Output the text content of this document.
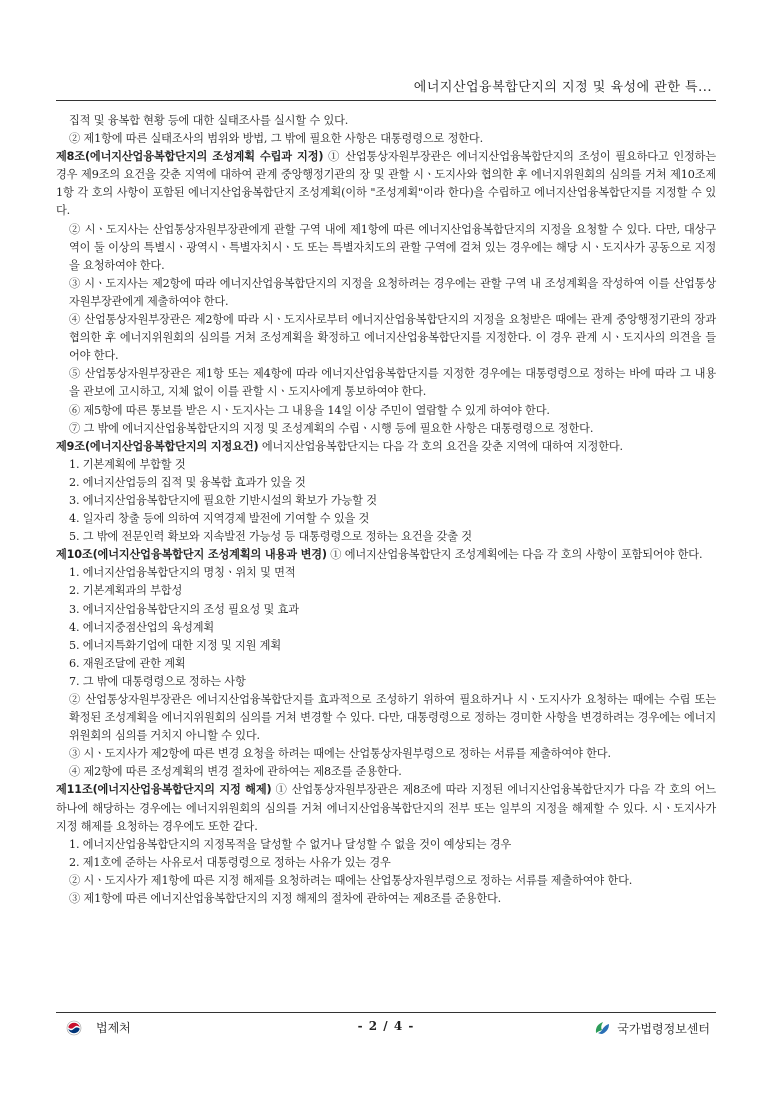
에너지산업융복합단지의 지정 및 육성에 관한 특...

집적 및 융복합 현황 등에 대한 실태조사를 실시할 수 있다.

② 제1항에 따른 실태조사의 범위와 방법, 그 밖에 필요한 사항은 대통령령으로 정한다.

제8조(에너지산업융복합단지의 조성계획 수립과 지정) ① 산업통상자원부장관은 에너지산업융복합단지의 조성이 필요하다고 인정하는 경우 제9조의 요건을 갖춘 지역에 대하여 관계 중앙행정기관의 장 및 관할 시ㆍ도지사와 협의한 후 에너지위원회의 심의를 거쳐 제10조제1항 각 호의 사항이 포함된 에너지산업융복합단지 조성계획(이하 "조성계획"이라 한다)을 수립하고 에너지산업융복합단지를 지정할 수 있다.

② 시ㆍ도지사는 산업통상자원부장관에게 관할 구역 내에 제1항에 따른 에너지산업융복합단지의 지정을 요청할 수 있다. 다만, 대상구역이 둘 이상의 특별시ㆍ광역시ㆍ특별자치시ㆍ도 또는 특별자치도의 관할 구역에 걸쳐 있는 경우에는 해당 시ㆍ도지사가 공동으로 지정을 요청하여야 한다.

③ 시ㆍ도지사는 제2항에 따라 에너지산업융복합단지의 지정을 요청하려는 경우에는 관할 구역 내 조성계획을 작성하여 이를 산업통상자원부장관에게 제출하여야 한다.

④ 산업통상자원부장관은 제2항에 따라 시ㆍ도지사로부터 에너지산업융복합단지의 지정을 요청받은 때에는 관계 중앙행정기관의 장과 협의한 후 에너지위원회의 심의를 거쳐 조성계획을 확정하고 에너지산업융복합단지를 지정한다. 이 경우 관계 시ㆍ도지사의 의견을 들어야 한다.

⑤ 산업통상자원부장관은 제1항 또는 제4항에 따라 에너지산업융복합단지를 지정한 경우에는 대통령령으로 정하는 바에 따라 그 내용을 관보에 고시하고, 지체 없이 이를 관할 시ㆍ도지사에게 통보하여야 한다.

⑥ 제5항에 따른 통보를 받은 시ㆍ도지사는 그 내용을 14일 이상 주민이 열람할 수 있게 하여야 한다.

⑦ 그 밖에 에너지산업융복합단지의 지정 및 조성계획의 수립ㆍ시행 등에 필요한 사항은 대통령령으로 정한다.

제9조(에너지산업융복합단지의 지정요건) 에너지산업융복합단지는 다음 각 호의 요건을 갖춘 지역에 대하여 지정한다.

1. 기본계획에 부합할 것

2. 에너지산업등의 집적 및 융복합 효과가 있을 것

3. 에너지산업융복합단지에 필요한 기반시설의 확보가 가능할 것

4. 일자리 창출 등에 의하여 지역경제 발전에 기여할 수 있을 것

5. 그 밖에 전문인력 확보와 지속발전 가능성 등 대통령령으로 정하는 요건을 갖출 것

제10조(에너지산업융복합단지 조성계획의 내용과 변경) ① 에너지산업융복합단지 조성계획에는 다음 각 호의 사항이 포함되어야 한다.

1. 에너지산업융복합단지의 명칭ㆍ위치 및 면적

2. 기본계획과의 부합성

3. 에너지산업융복합단지의 조성 필요성 및 효과

4. 에너지중점산업의 육성계획

5. 에너지특화기업에 대한 지정 및 지원 계획

6. 재원조달에 관한 계획

7. 그 밖에 대통령령으로 정하는 사항

② 산업통상자원부장관은 에너지산업융복합단지를 효과적으로 조성하기 위하여 필요하거나 시ㆍ도지사가 요청하는 때에는 수립 또는 확정된 조성계획을 에너지위원회의 심의를 거쳐 변경할 수 있다. 다만, 대통령령으로 정하는 경미한 사항을 변경하려는 경우에는 에너지위원회의 심의를 거치지 아니할 수 있다.

③ 시ㆍ도지사가 제2항에 따른 변경 요청을 하려는 때에는 산업통상자원부령으로 정하는 서류를 제출하여야 한다.

④ 제2항에 따른 조성계획의 변경 절차에 관하여는 제8조를 준용한다.

제11조(에너지산업융복합단지의 지정 해제) ① 산업통상자원부장관은 제8조에 따라 지정된 에너지산업융복합단지가 다음 각 호의 어느 하나에 해당하는 경우에는 에너지위원회의 심의를 거쳐 에너지산업융복합단지의 전부 또는 일부의 지정을 해제할 수 있다. 시ㆍ도지사가 지정 해제를 요청하는 경우에도 또한 같다.

1. 에너지산업융복합단지의 지정목적을 달성할 수 없거나 달성할 수 없을 것이 예상되는 경우

2. 제1호에 준하는 사유로서 대통령령으로 정하는 사유가 있는 경우

② 시ㆍ도지사가 제1항에 따른 지정 해제를 요청하려는 때에는 산업통상자원부령으로 정하는 서류를 제출하여야 한다.

③ 제1항에 따른 에너지산업융복합단지의 지정 해제의 절차에 관하여는 제8조를 준용한다.

법제처	- 2 / 4 -	국가법령정보센터
